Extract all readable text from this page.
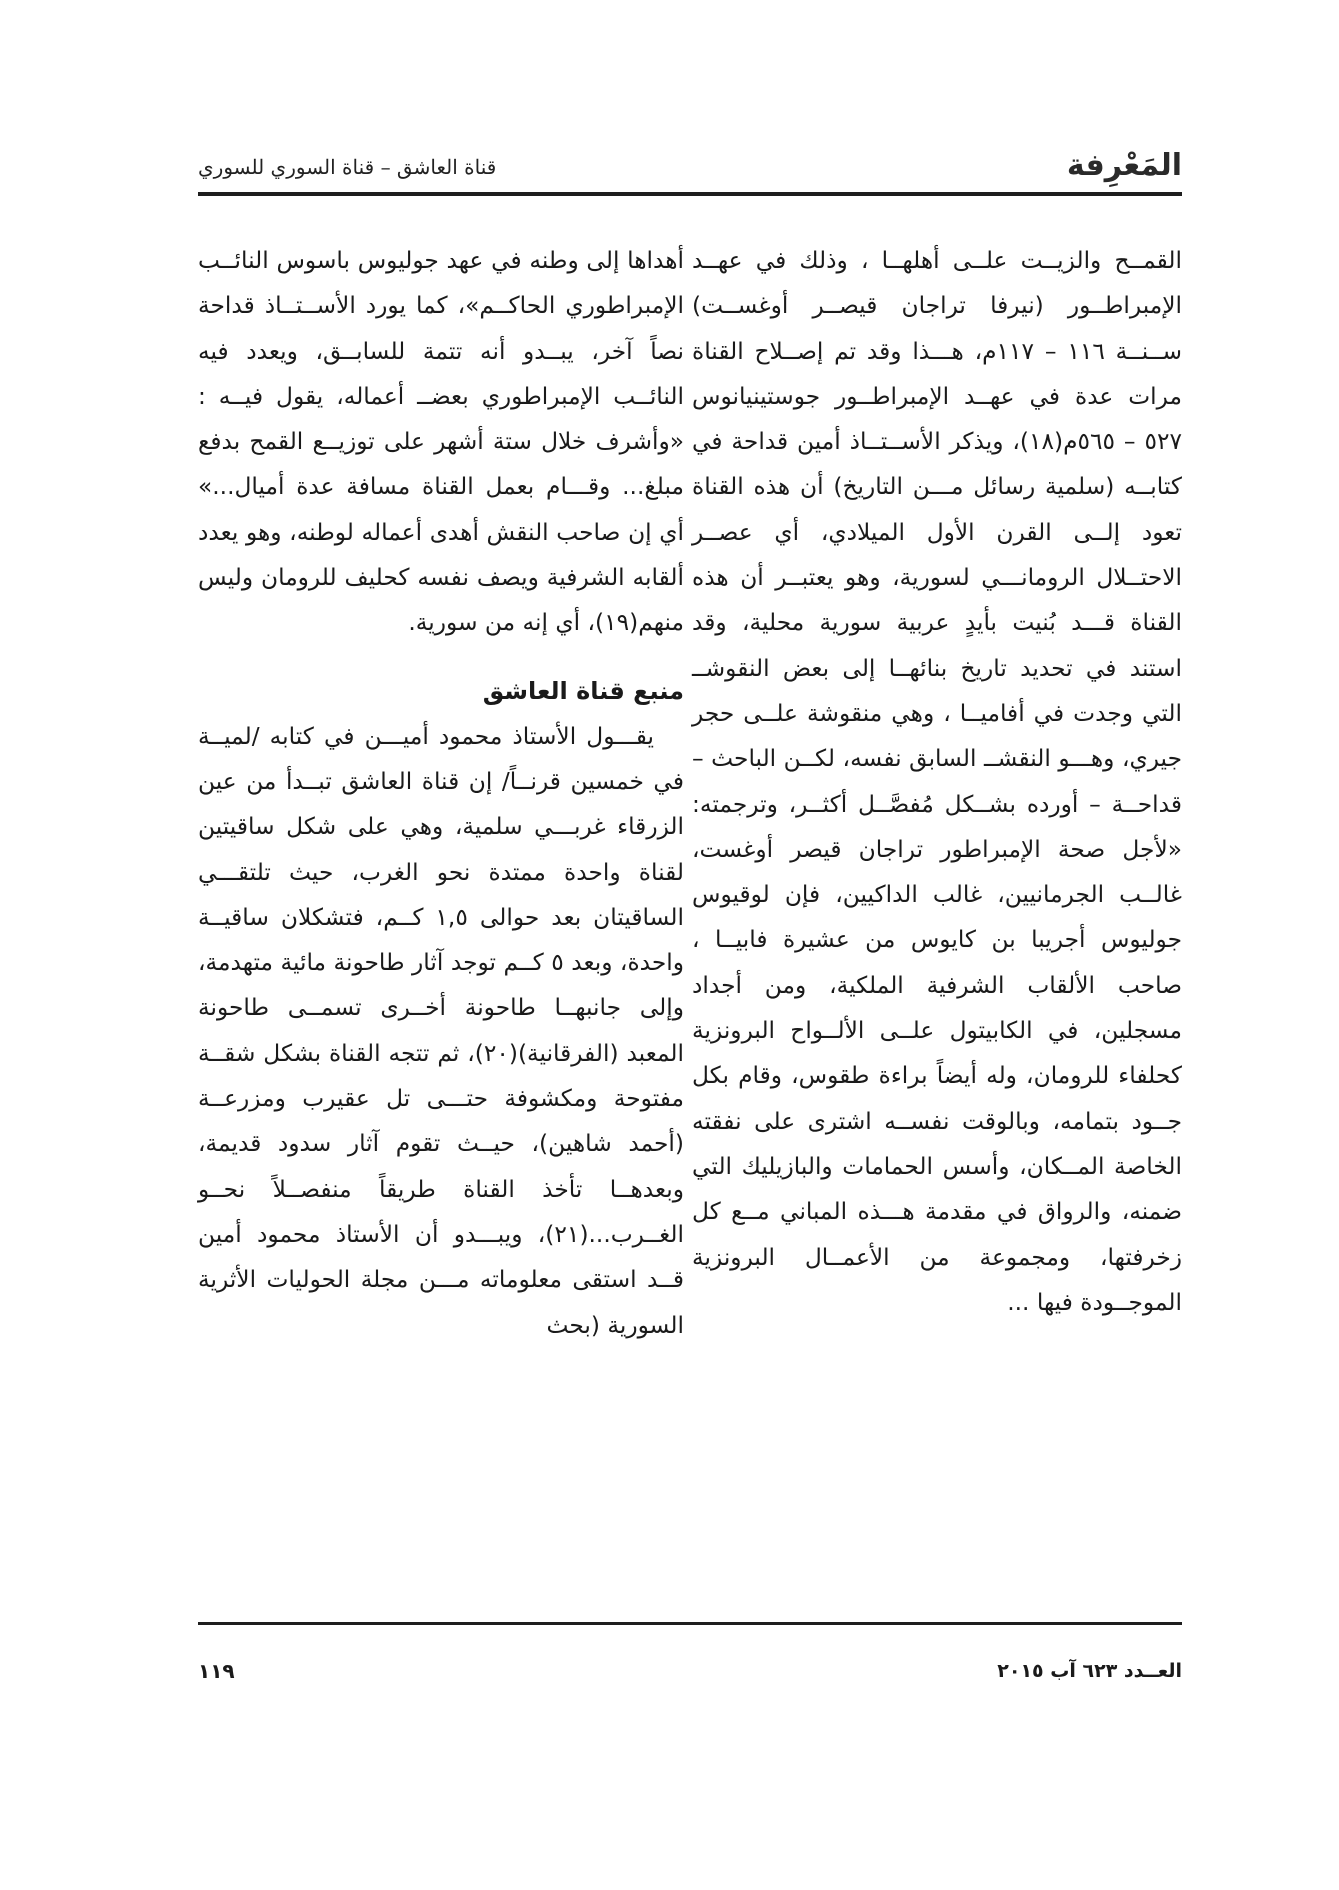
المَعْرِفة
قناة العاشق – قناة السوري للسوري

القمــح والزيــت علــى أهلهــا ، وذلك في عهــد الإمبراطــور (نيرفا تراجان قيصــر أوغســت) ســنــة ١١٦ – ١١٧م، هـــذا وقد تم إصــلاح القناة مرات عدة في عهــد الإمبراطــور جوستينيانوس ٥٢٧ – ٥٦٥م(١٨)، ويذكر الأســتــاذ أمين قداحة في كتابــه (سلمية رسائل مـــن التاريخ) أن هذه القناة تعود إلــى القرن الأول الميلادي، أي عصــر الاحتــلال الرومانـــي لسورية، وهو يعتبــر أن هذه القناة قـــد بُنيت بأيدٍ عربية سورية محلية، وقد استند في تحديد تاريخ بنائهــا إلى بعض النقوشــ التي وجدت في أفاميــا ، وهي منقوشة علــى حجر جيري، وهـــو النقشــ السابق نفسه، لكــن الباحث – قداحــة – أورده بشــكل مُفصَّــل أكثــر، وترجمته: «لأجل صحة الإمبراطور تراجان قيصر أوغست، غالــب الجرمانيين، غالب الداكيين، فإن لوقيوس جوليوس أجريبا بن كايوس من عشيرة فابيــا ، صاحب الألقاب الشرفية الملكية، ومن أجداد مسجلين، في الكابيتول علــى الألــواح البرونزية كحلفاء للرومان، وله أيضاً براءة طقوس، وقام بكل جــود بتمامه، وبالوقت نفســه اشترى على نفقته الخاصة المــكان، وأسس الحمامات والبازيليك التي ضمنه، والرواق في مقدمة هـــذه المباني مــع كل زخرفتها، ومجموعة من الأعمــال البرونزية الموجــودة فيها ...

أهداها إلى وطنه في عهد جوليوس باسوس النائــب الإمبراطوري الحاكــم»، كما يورد الأســتــاذ قداحة نصاً آخر، يبــدو أنه تتمة للسابــق، ويعدد فيه النائــب الإمبراطوري بعضــ أعماله، يقول فيــه : «وأشرف خلال ستة أشهر على توزيــع القمح بدفع مبلغ... وقـــام بعمل القناة مسافة عدة أميال...» أي إن صاحب النقش أهدى أعماله لوطنه، وهو يعدد ألقابه الشرفية ويصف نفسه كحليف للرومان وليس منهم(١٩)، أي إنه من سورية.

منبع قناة العاشق

يقـــول الأستاذ محمود أميـــن في كتابه /لميــة في خمسين قرنــاً/ إن قناة العاشق تبــدأ من عين الزرقاء غربـــي سلمية، وهي على شكل ساقيتين لقناة واحدة ممتدة نحو الغرب، حيث تلتقـــي الساقيتان بعد حوالى ١,٥ كــم، فتشكلان ساقيــة واحدة، وبعد ٥ كــم توجد آثار طاحونة مائية متهدمة، وإلى جانبهــا طاحونة أخــرى تسمــى طاحونة المعبد (الفرقانية)(٢٠)، ثم تتجه القناة بشكل شقــة مفتوحة ومكشوفة حتـــى تل عقيرب ومزرعــة (أحمد شاهين)، حيــث تقوم آثار سدود قديمة، وبعدهــا تأخذ القناة طريقاً منفصــلاً نحــو الغــرب...(٢١)، ويبـــدو أن الأستاذ محمود أمين قــد استقى معلوماته مـــن مجلة الحوليات الأثرية السورية (بحث

العــدد ٦٢٣ آب ٢٠١٥
١١٩
